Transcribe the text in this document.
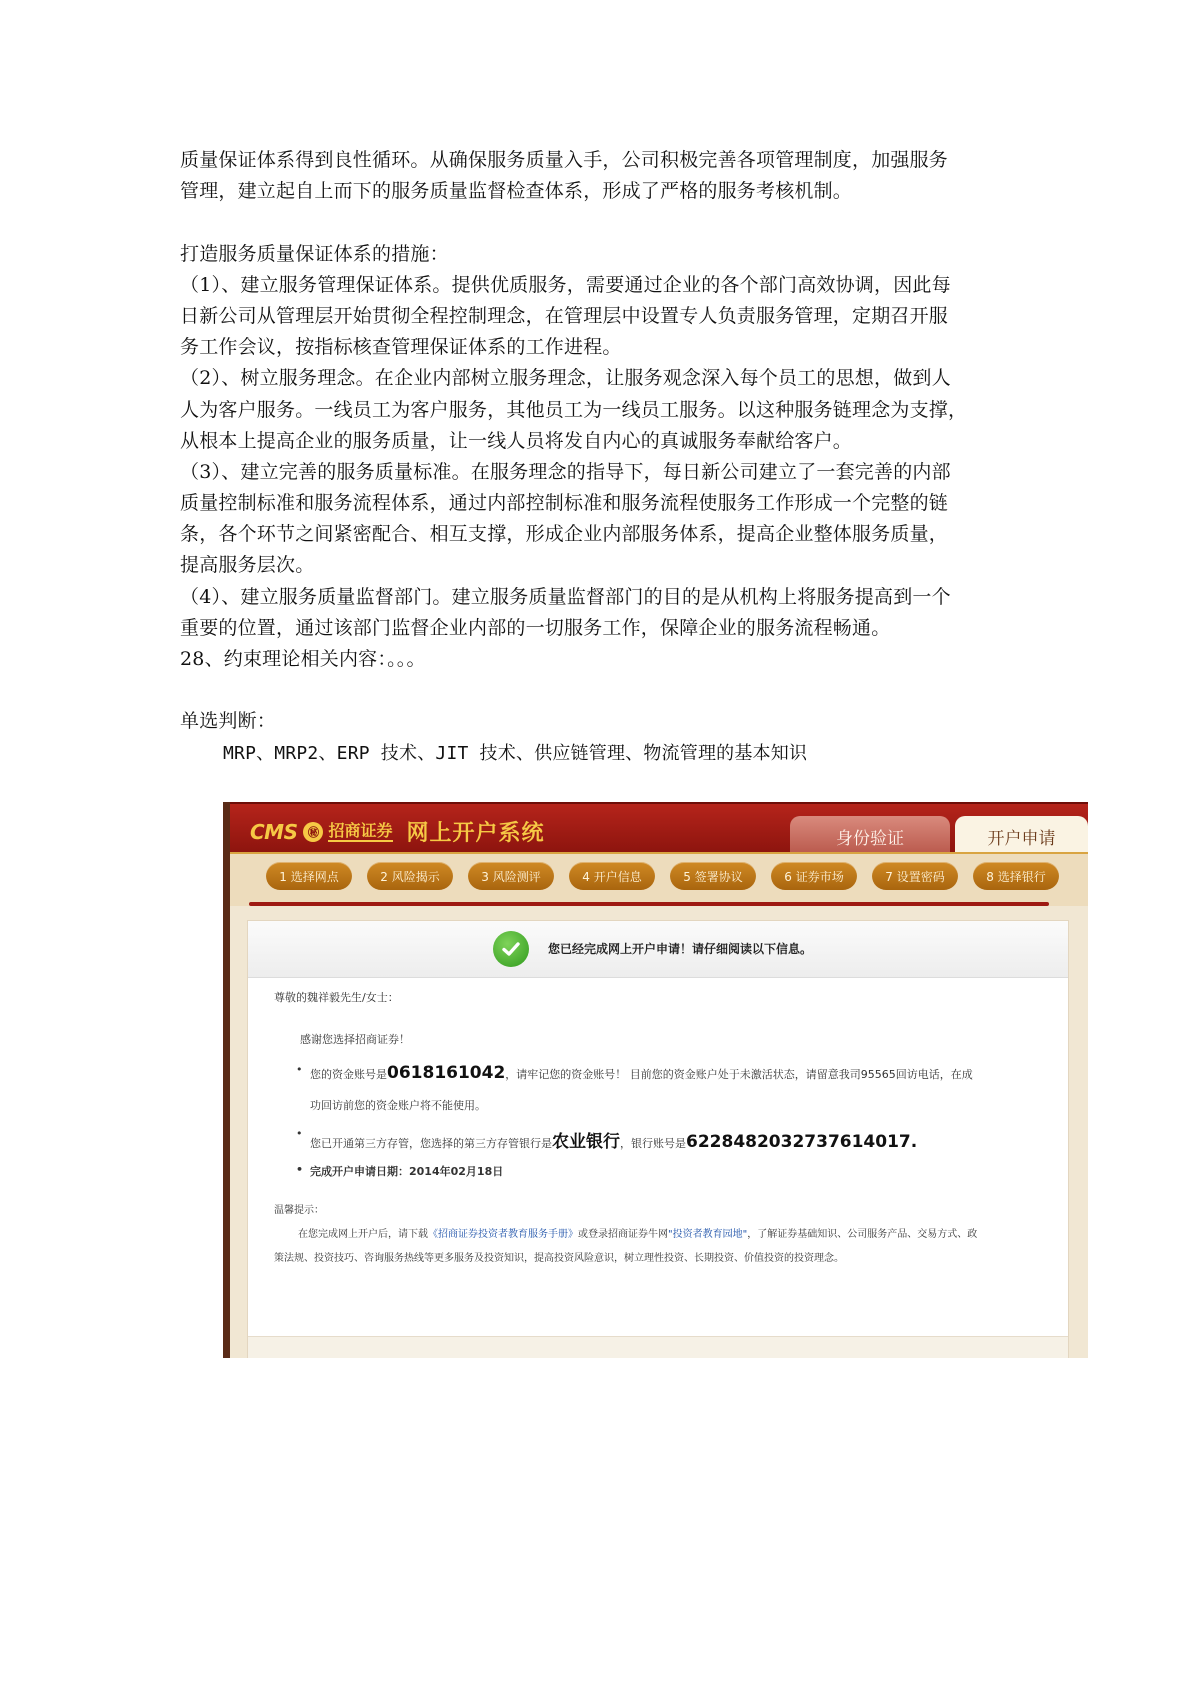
质量保证体系得到良性循环。从确保服务质量入手，公司积极完善各项管理制度，加强服务
管理，建立起自上而下的服务质量监督检查体系，形成了严格的服务考核机制。
打造服务质量保证体系的措施：
（1）、建立服务管理保证体系。提供优质服务，需要通过企业的各个部门高效协调，因此每
日新公司从管理层开始贯彻全程控制理念，在管理层中设置专人负责服务管理，定期召开服
务工作会议，按指标核查管理保证体系的工作进程。
（2）、树立服务理念。在企业内部树立服务理念，让服务观念深入每个员工的思想，做到人
人为客户服务。一线员工为客户服务，其他员工为一线员工服务。以这种服务链理念为支撑，
从根本上提高企业的服务质量，让一线人员将发自内心的真诚服务奉献给客户。
（3）、建立完善的服务质量标准。在服务理念的指导下，每日新公司建立了一套完善的内部
质量控制标准和服务流程体系，通过内部控制标准和服务流程使服务工作形成一个完整的链
条，各个环节之间紧密配合、相互支撑，形成企业内部服务体系，提高企业整体服务质量，
提高服务层次。
（4）、建立服务质量监督部门。建立服务质量监督部门的目的是从机构上将服务提高到一个
重要的位置，通过该部门监督企业内部的一切服务工作，保障企业的服务流程畅通。
28、约束理论相关内容：。。。
单选判断：
MRP、MRP2、ERP 技术、JIT 技术、供应链管理、物流管理的基本知识
CMS ㊙ 招商证券 网上开户系统	身份验证	开户申请
1 选择网点	2 风险揭示	3 风险测评	4 开户信息	5 签署协议	6 证券市场	7 设置密码	8 选择银行
您已经完成网上开户申请！请仔细阅读以下信息。
尊敬的魏祥毅先生/女士：
感谢您选择招商证券！
• 您的资金账号是0618161042，请牢记您的资金账号！ 目前您的资金账户处于未激活状态，请留意我司95565回访电话，在成
功回访前您的资金账户将不能使用。
• 您已开通第三方存管，您选择的第三方存管银行是农业银行，银行账号是6228482032737614017.
• 完成开户申请日期：2014年02月18日
温馨提示：
在您完成网上开户后，请下载《招商证券投资者教育服务手册》或登录招商证券牛网"投资者教育园地"，了解证券基础知识、公司服务产品、交易方式、政
策法规、投资技巧、咨询服务热线等更多服务及投资知识，提高投资风险意识，树立理性投资、长期投资、价值投资的投资理念。
